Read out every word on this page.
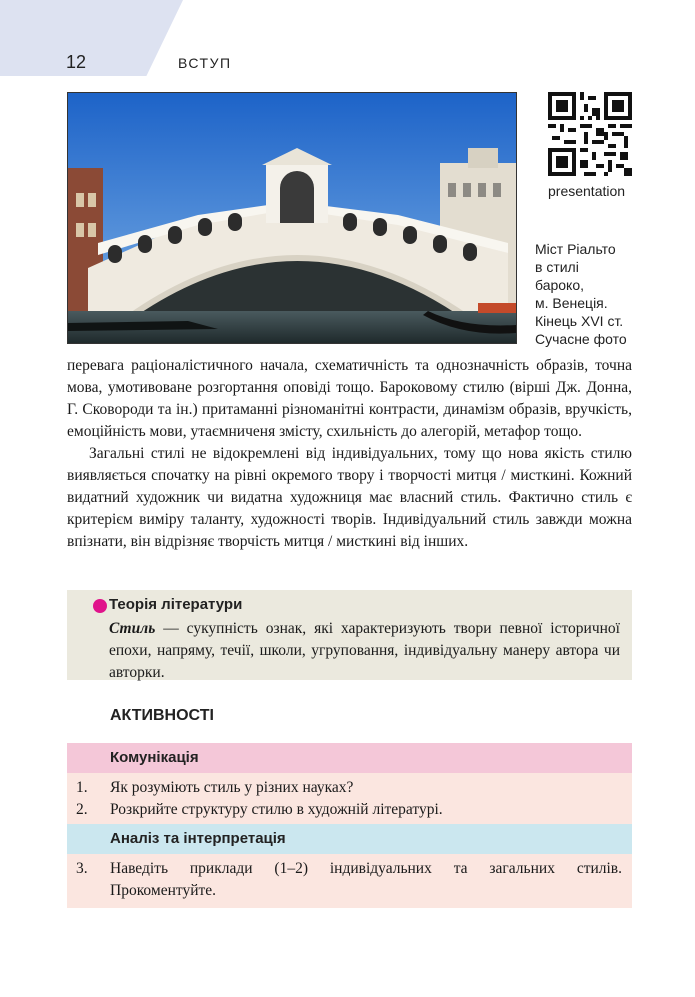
12	ВСТУП
presentation
Міст Ріальто
в стилі
бароко,
м. Венеція.
Кінець XVI ст.
Сучасне фото

перевага раціоналістичного начала, схематичність та однозначність образів, точна мова, умотивоване розгортання оповіді тощо. Бароковому стилю (вірші Дж. Донна, Г. Сковороди та ін.) притаманні різноманітні контрасти, динамізм образів, вручкість, емоційність мови, утаємниченя змісту, схильність до алегорій, метафор тощо.

Загальні стилі не відокремлені від індивідуальних, тому що нова якість стилю виявляється спочатку на рівні окремого твору і творчості митця / мисткині. Кожний видатний художник чи видатна художниця має власний стиль. Фактично стиль є критерієм виміру таланту, художності творів. Індивідуальний стиль завжди можна впізнати, він відрізняє творчість митця / мисткині від інших.

Теорія літератури
Стиль — сукупність ознак, які характеризують твори певної історичної епохи, напряму, течії, школи, угруповання, індивідуальну манеру автора чи авторки.
АКТИВНОСТІ
Комунікація
1. Як розуміють стиль у різних науках?
2. Розкрийте структуру стилю в художній літературі.
Аналіз та інтерпретація
3. Наведіть приклади (1–2) індивідуальних та загальних стилів. Прокоментуйте.
